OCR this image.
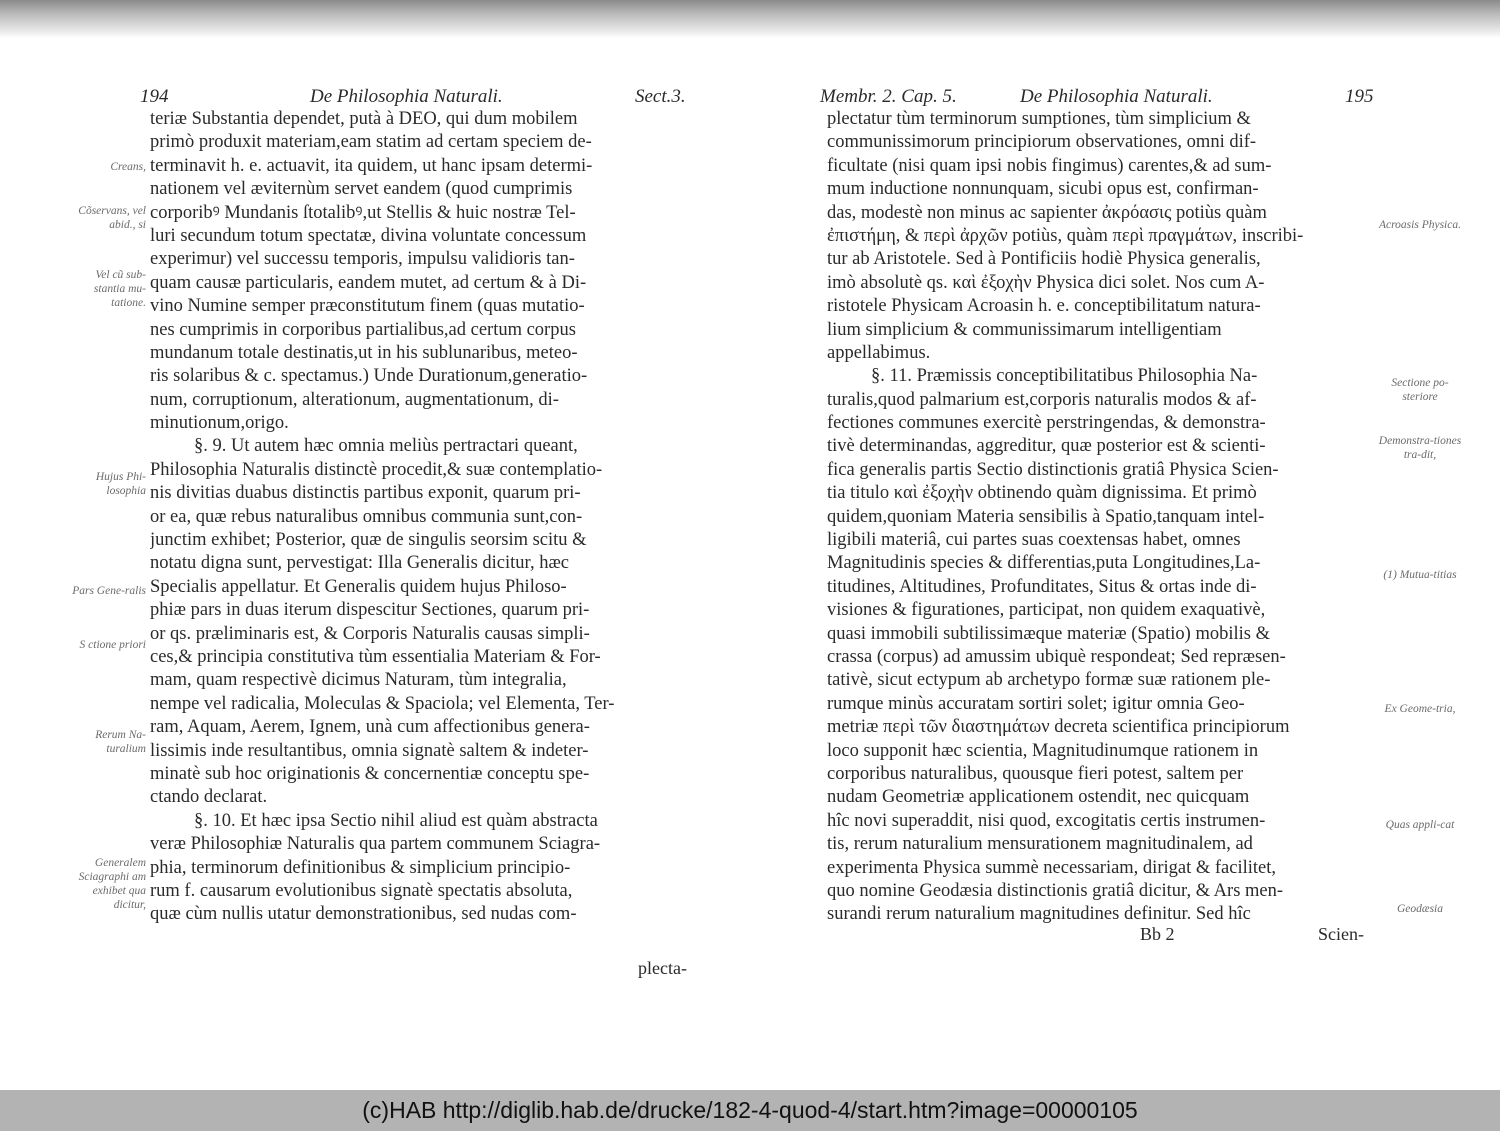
194	De Philosophia Naturali.	Sect.3.
teriæ Substantia dependet, putà à DEO, qui dum mobilem
primò produxit materiam,eam statim ad certam speciem de-
terminavit h. e. actuavit, ita quidem, ut hanc ipsam determi-
nationem vel æviternùm servet eandem (quod cumprimis
corporibꝰ Mundanis ſtotalibꝰ,ut Stellis & huic nostræ Tel-
luri secundum totum spectatæ, divina voluntate concessum
experimur) vel successu temporis, impulsu validioris tan-
quam causæ particularis, eandem mutet, ad certum & à Di-
vino Numine semper præconstitutum finem (quas mutatio-
nes cumprimis in corporibus partialibus,ad certum corpus
mundanum totale destinatis,ut in his sublunaribus, meteo-
ris solaribus & c. spectamus.) Unde Durationum,generatio-
num, corruptionum, alterationum, augmentationum, di-
minutionum,origo.
§. 9. Ut autem hæc omnia meliùs pertractari queant,
Philosophia Naturalis distinctè procedit,& suæ contemplatio-
nis divitias duabus distinctis partibus exponit, quarum pri-
or ea, quæ rebus naturalibus omnibus communia sunt,con-
junctim exhibet; Posterior, quæ de singulis seorsim scitu &
notatu digna sunt, pervestigat: Illa Generalis dicitur, hæc
Specialis appellatur. Et Generalis quidem hujus Philoso-
phiæ pars in duas iterum dispescitur Sectiones, quarum pri-
or qs. præliminaris est, & Corporis Naturalis causas simpli-
ces,& principia constitutiva tùm essentialia Materiam & For-
mam, quam respectivè dicimus Naturam, tùm integralia,
nempe vel radicalia, Moleculas & Spaciola; vel Elementa, Ter-
ram, Aquam, Aerem, Ignem, unà cum affectionibus genera-
lissimis inde resultantibus, omnia signatè saltem & indeter-
minatè sub hoc originationis & concernentiæ conceptu spe-
ctando declarat.
§. 10. Et hæc ipsa Sectio nihil aliud est quàm abstracta
veræ Philosophiæ Naturalis qua partem communem Sciagra-
phia, terminorum definitionibus & simplicium principio-
rum f. causarum evolutionibus signatè spectatis absoluta,
quæ cùm nullis utatur demonstrationibus, sed nudas com-
Creans,
Cõservans, vel abid., si
Vel cũ sub-stantia mu-tatione.
Hujus Phi-losophia
Pars Gene-ralis
S ctione priori
Rerum Na-turalium
Generalem Sciagraphi am exhibet qua dicitur,
plecta-
Membr. 2. Cap. 5.	De Philosophia Naturali.	195
plectatur tùm terminorum sumptiones, tùm simplicium &
communissimorum principiorum observationes, omni dif-
ficultate (nisi quam ipsi nobis fingimus) carentes,& ad sum-
mum inductione nonnunquam, sicubi opus est, confirman-
das, modestè non minus ac sapienter ἀκρόασις potiùs quàm
ἐπιστήμη, & περὶ ἀρχῶν potiùs, quàm περὶ πραγμάτων, inscribi-
tur ab Aristotele. Sed à Pontificiis hodiè Physica generalis,
imò absolutè qs. καὶ ἐξοχὴν Physica dici solet. Nos cum A-
ristotele Physicam Acroasin h. e. conceptibilitatum natura-
lium simplicium & communissimarum intelligentiam
appellabimus.
§. 11. Præmissis conceptibilitatibus Philosophia Na-
turalis,quod palmarium est,corporis naturalis modos & af-
fectiones communes exercitè perstringendas, & demonstra-
tivè determinandas, aggreditur, quæ posterior est & scienti-
fica generalis partis Sectio distinctionis gratiâ Physica Scien-
tia titulo καὶ ἐξοχὴν obtinendo quàm dignissima. Et primò
quidem,quoniam Materia sensibilis à Spatio,tanquam intel-
ligibili materiâ, cui partes suas coextensas habet, omnes
Magnitudinis species & differentias,puta Longitudines,La-
titudines, Altitudines, Profunditates, Situs & ortas inde di-
visiones & figurationes, participat, non quidem exaquativè,
quasi immobili subtilissimæque materiæ (Spatio) mobilis &
crassa (corpus) ad amussim ubiquè respondeat; Sed repræsen-
tativè, sicut ectypum ab archetypo formæ suæ rationem ple-
rumque minùs accuratam sortiri solet; igitur omnia Geo-
metriæ περὶ τῶν διαστημάτων decreta scientifica principiorum
loco supponit hæc scientia, Magnitudinumque rationem in
corporibus naturalibus, quousque fieri potest, saltem per
nudam Geometriæ applicationem ostendit, nec quicquam
hîc novi superaddit, nisi quod, excogitatis certis instrumen-
tis, rerum naturalium mensurationem magnitudinalem, ad
experimenta Physica summè necessariam, dirigat & facilitet,
quo nomine Geodæsia distinctionis gratiâ dicitur, & Ars men-
surandi rerum naturalium magnitudines definitur. Sed hîc
Acroasis Physica.
Sectione po-steriore
Demonstra-tiones tra-dit,
(1) Mutua-titias
Ex Geome-tria,
Quas appli-cat
Geodæsia
Bb 2	Scien-
(c)HAB http://diglib.hab.de/drucke/182-4-quod-4/start.htm?image=00000105
